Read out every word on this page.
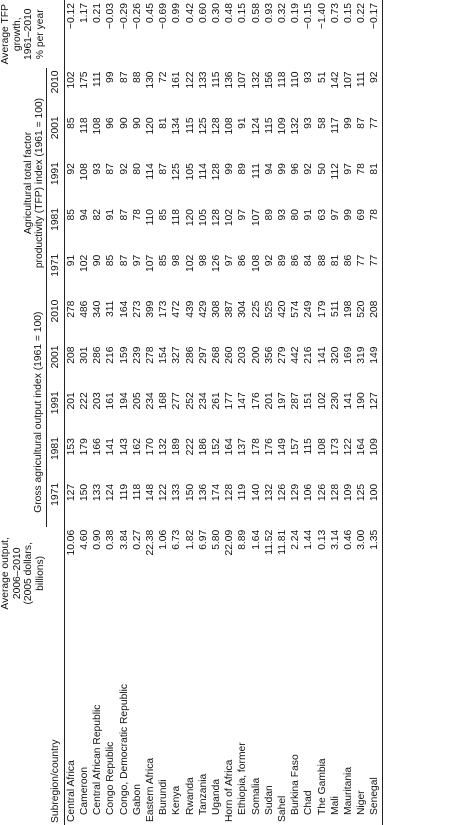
	Average output, 2006–2010 (2005 dollars, billions)	Gross agricultural output index (1961 = 100)					Agricultural total factor productivity (TFP) index (1961 = 100)					Average TFP growth, 1961–2010 % per year

Subregion/country		1971	1981	1991	2001	2010	1971	1981	1991	2001	2010	
Central Africa	10.06	127	153	201	208	278	91	85	92	85	102	−0.12
Cameroon	4.60	150	179	222	301	486	102	94	108	118	175	1.17
Central African Republic	0.90	133	166	203	286	340	90	82	93	108	111	0.21
Congo Republic	0.38	124	141	161	216	311	85	91	87	96	99	−0.03
Congo, Democratic Republic	3.84	119	143	194	159	164	87	87	92	90	87	−0.29
Gabon	0.27	118	162	205	239	273	97	78	80	90	88	−0.26
Eastern Africa	22.38	148	170	234	278	399	107	110	114	120	130	0.45
Burundi	1.06	122	132	168	154	173	85	85	87	81	72	−0.69
Kenya	6.73	133	189	277	327	472	98	118	125	134	161	0.99
Rwanda	1.82	150	222	252	286	439	102	120	105	115	122	0.42
Tanzania	6.97	136	186	234	297	429	98	105	114	125	133	0.60
Uganda	5.80	174	152	261	268	308	126	128	128	128	115	0.30
Horn of Africa	22.09	128	164	177	260	387	97	102	99	108	136	0.48
Ethiopia, former	8.89	119	137	147	203	304	86	97	89	91	107	0.15
Somalia	1.64	140	178	176	200	225	108	107	111	124	132	0.58
Sudan	11.52	132	176	201	356	525	92	89	94	115	156	0.93
Sahel	11.81	126	149	197	279	420	89	93	99	109	118	0.32
Burkina Faso	2.24	129	157	287	442	574	86	80	96	132	110	0.19
Chad	1.44	106	115	151	216	249	84	91	92	93	93	−0.15
The Gambia	0.13	126	108	102	141	179	88	63	50	58	51	−1.40
Mali	3.14	128	173	230	320	511	81	97	112	117	142	0.73
Mauritania	0.46	109	122	141	169	198	86	99	97	99	107	0.15
Niger	3.00	125	164	190	319	520	77	69	78	87	111	0.22
Senegal	1.35	100	109	127	149	208	77	78	81	77	92	−0.17
